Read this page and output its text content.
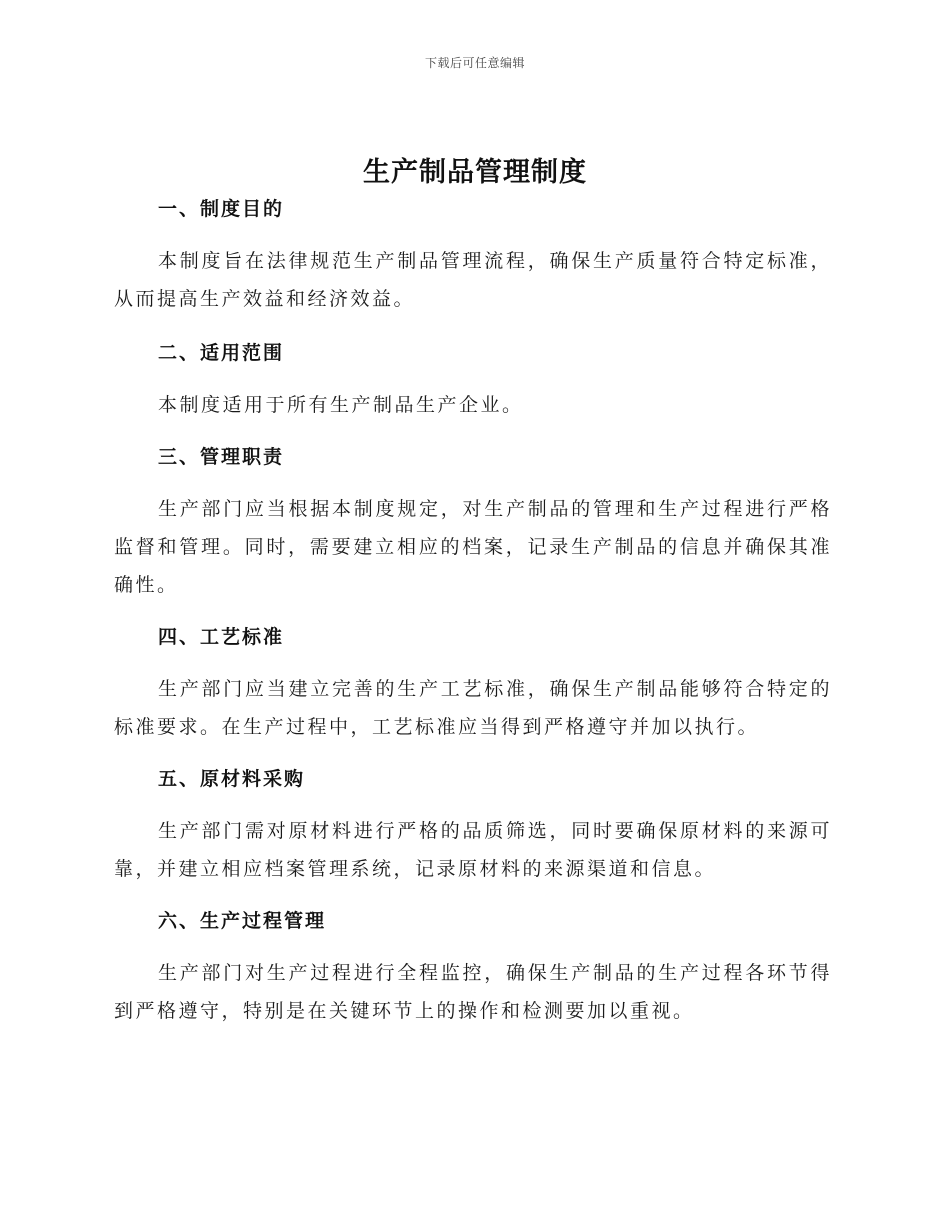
下载后可任意编辑
生产制品管理制度
一、制度目的

本制度旨在法律规范生产制品管理流程，确保生产质量符合特定标准，从而提高生产效益和经济效益。

二、适用范围

本制度适用于所有生产制品生产企业。

三、管理职责

生产部门应当根据本制度规定，对生产制品的管理和生产过程进行严格监督和管理。同时，需要建立相应的档案，记录生产制品的信息并确保其准确性。

四、工艺标准

生产部门应当建立完善的生产工艺标准，确保生产制品能够符合特定的标准要求。在生产过程中，工艺标准应当得到严格遵守并加以执行。

五、原材料采购

生产部门需对原材料进行严格的品质筛选，同时要确保原材料的来源可靠，并建立相应档案管理系统，记录原材料的来源渠道和信息。

六、生产过程管理

生产部门对生产过程进行全程监控，确保生产制品的生产过程各环节得到严格遵守，特别是在关键环节上的操作和检测要加以重视。
